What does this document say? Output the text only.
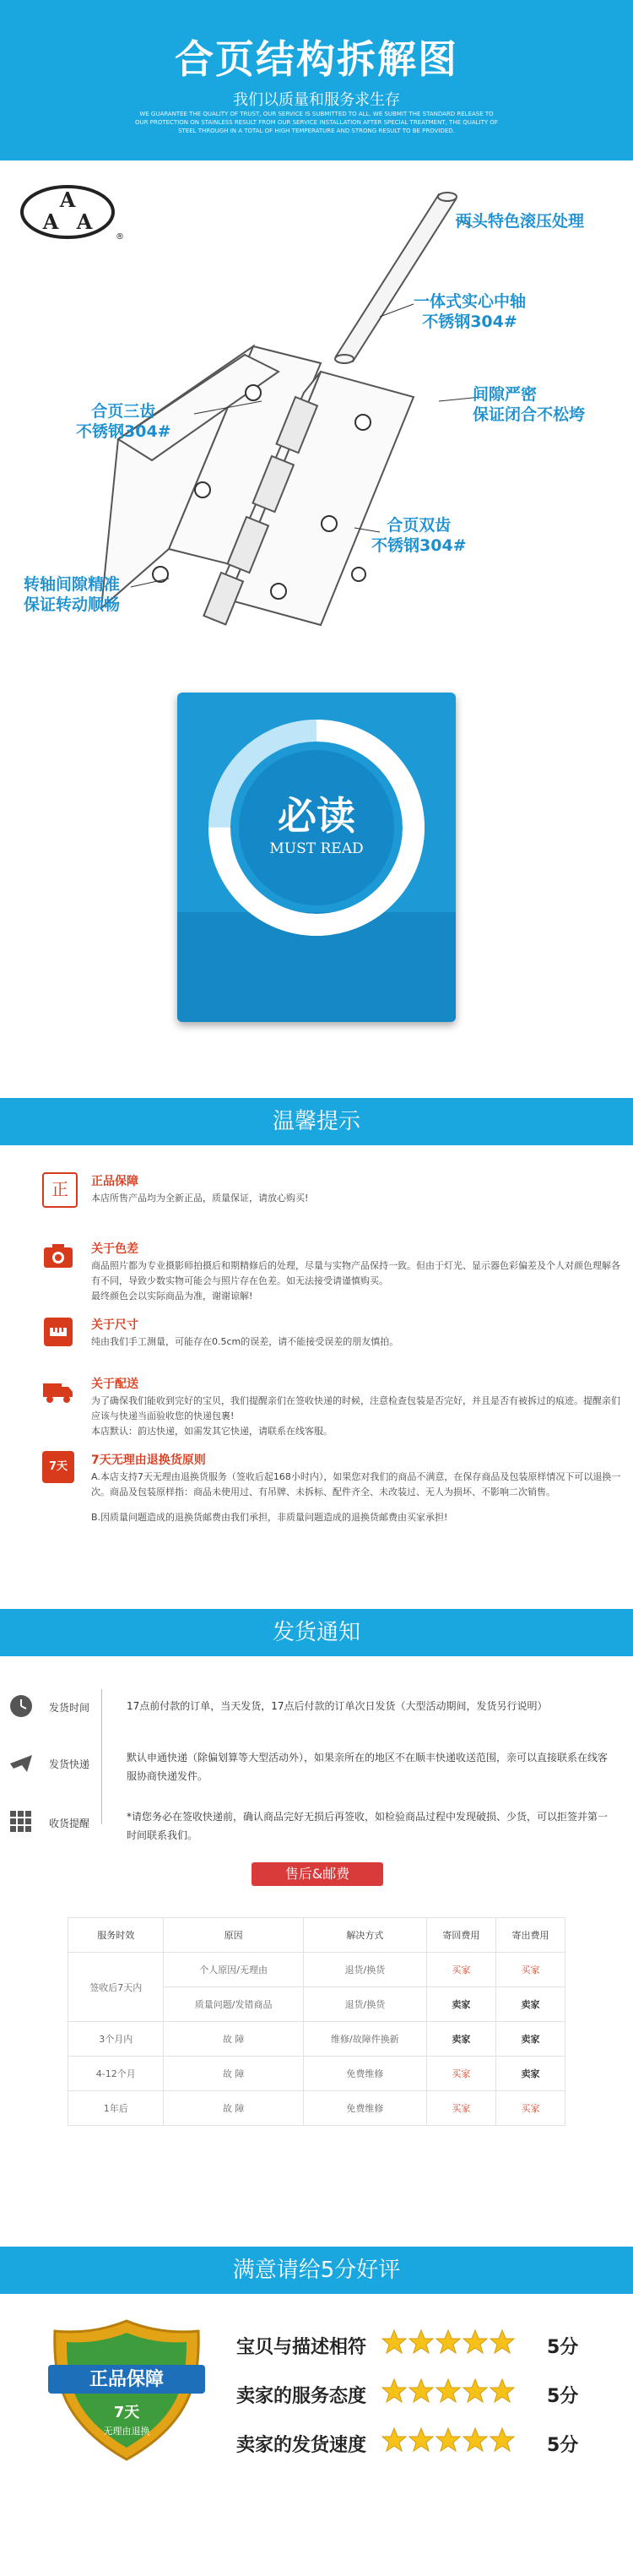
合页结构拆解图
我们以质量和服务求生存
WE GUARANTEE THE QUALITY OF TRUST, OUR SERVICE IS SUBMITTED TO ALL. WE SUBMIT THE STANDARD RELEASE TO OUR PROTECTION ON STAINLESS RESULT FROM OUR SERVICE INSTALLATION AFTER SPECIAL TREATMENT, THE QUALITY OF STEEL THROUGH IN A TOTAL OF HIGH TEMPERATURE AND STRONG RESULT TO BE PROVIDED.
A
A A
®
两头特色滚压处理
一体式实心中轴
不锈钢304#
合页三齿
不锈钢304#
间隙严密
保证闭合不松垮
合页双齿
不锈钢304#
转轴间隙精准
保证转动顺畅
必读
MUST READ
温馨提示
正	正品保障

本店所售产品均为全新正品，质量保证，请放心购买!

关于色差

商品照片都为专业摄影师拍摄后和期精修后的处理，尽量与实物产品保持一致。但由于灯光、显示器色彩偏差及个人对颜色理解各有不同，导致少数实物可能会与照片存在色差。如无法接受请谨慎购买。

最终颜色会以实际商品为准，谢谢谅解!

关于尺寸

纯由我们手工测量，可能存在0.5cm的误差，请不能接受误差的朋友慎拍。

关于配送

为了确保我们能收到完好的宝贝，我们提醒亲们在签收快递的时候，注意检查包装是否完好，并且是否有被拆过的痕迹。提醒亲们应该与快递当面验收您的快递包裹!

本店默认：韵达快递，如需发其它快递，请联系在线客服。

7天	7天无理由退换货原则

A.本店支持7天无理由退换货服务（签收后起168小时内），如果您对我们的商品不满意，在保存商品及包装原样情况下可以退换一次。商品及包装原样指：商品未使用过、有吊牌、未拆标、配件齐全、未改装过、无人为损坏、不影响二次销售。

B.因质量问题造成的退换货邮费由我们承担，非质量问题造成的退换货邮费由买家承担!

发货通知
发货时间	17点前付款的订单，当天发货，17点后付款的订单次日发货（大型活动期间，发货另行说明）
发货快递
默认申通快递（除偏划算等大型活动外），如果亲所在的地区不在顺丰快递收送范围，亲可以直接联系在线客服协商快递发件。
收货提醒
*请您务必在签收快递前，确认商品完好无损后再签收，如检验商品过程中发现破损、少货，可以拒签并第一时间联系我们。
售后&邮费
服务时效	原因	解决方式	寄回费用	寄出费用
签收后7天内	个人原因/无理由	退货/换货	买家	买家
	质量问题/发错商品	退货/换货	卖家	卖家
3个月内	故 障	维修/故障件换新	卖家	卖家
4-12个月	故 障	免费维修	买家	卖家
1年后	故 障	免费维修	买家	买家
满意请给5分好评
正品保障
7天
无理由退换
宝贝与描述相符	5分
卖家的服务态度	5分
卖家的发货速度	5分
